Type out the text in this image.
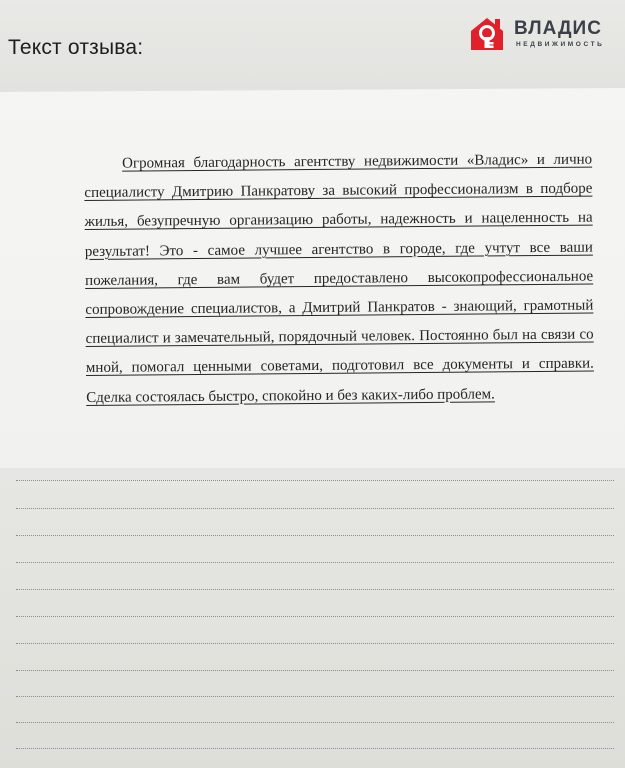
Текст отзыва:
ВЛАДИС
НЕДВИЖИМОСТЬ

Огромная благодарность агентству недвижимости «Владис» и лично специалисту Дмитрию Панкратову за высокий профессионализм в подборе жилья, безупречную организацию работы, надежность и нацеленность на результат! Это - самое лучшее агентство в городе, где учтут все ваши пожелания, где вам будет предоставлено высокопрофессиональное сопровождение специалистов, а Дмитрий Панкратов - знающий, грамотный специалист и замечательный, порядочный человек. Постоянно был на связи со мной, помогал ценными советами, подготовил все документы и справки. Сделка состоялась быстро, спокойно и без каких-либо проблем.
